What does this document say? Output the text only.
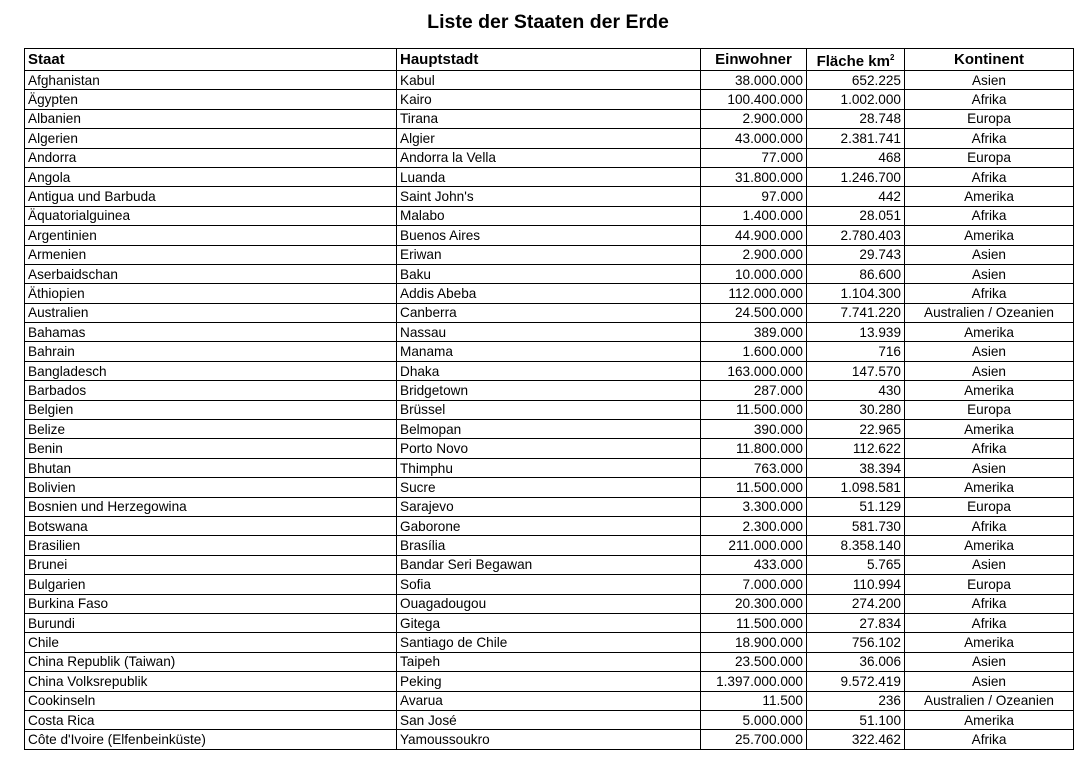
Liste der Staaten der Erde
Staat	Hauptstadt	Einwohner	Fläche $km^2$	Kontinent
Afghanistan	Kabul	38.000.000	652.225	Asien
Ägypten	Kairo	100.400.000	1.002.000	Afrika
Albanien	Tirana	2.900.000	28.748	Europa
Algerien	Algier	43.000.000	2.381.741	Afrika
Andorra	Andorra la Vella	77.000	468	Europa
Angola	Luanda	31.800.000	1.246.700	Afrika
Antigua und Barbuda	Saint John's	97.000	442	Amerika
Äquatorialguinea	Malabo	1.400.000	28.051	Afrika
Argentinien	Buenos Aires	44.900.000	2.780.403	Amerika
Armenien	Eriwan	2.900.000	29.743	Asien
Aserbaidschan	Baku	10.000.000	86.600	Asien
Äthiopien	Addis Abeba	112.000.000	1.104.300	Afrika
Australien	Canberra	24.500.000	7.741.220	Australien / Ozeanien
Bahamas	Nassau	389.000	13.939	Amerika
Bahrain	Manama	1.600.000	716	Asien
Bangladesch	Dhaka	163.000.000	147.570	Asien
Barbados	Bridgetown	287.000	430	Amerika
Belgien	Brüssel	11.500.000	30.280	Europa
Belize	Belmopan	390.000	22.965	Amerika
Benin	Porto Novo	11.800.000	112.622	Afrika
Bhutan	Thimphu	763.000	38.394	Asien
Bolivien	Sucre	11.500.000	1.098.581	Amerika
Bosnien und Herzegowina	Sarajevo	3.300.000	51.129	Europa
Botswana	Gaborone	2.300.000	581.730	Afrika
Brasilien	Brasília	211.000.000	8.358.140	Amerika
Brunei	Bandar Seri Begawan	433.000	5.765	Asien
Bulgarien	Sofia	7.000.000	110.994	Europa
Burkina Faso	Ouagadougou	20.300.000	274.200	Afrika
Burundi	Gitega	11.500.000	27.834	Afrika
Chile	Santiago de Chile	18.900.000	756.102	Amerika
China Republik (Taiwan)	Taipeh	23.500.000	36.006	Asien
China Volksrepublik	Peking	1.397.000.000	9.572.419	Asien
Cookinseln	Avarua	11.500	236	Australien / Ozeanien
Costa Rica	San José	5.000.000	51.100	Amerika
Côte d'Ivoire (Elfenbeinküste)	Yamoussoukro	25.700.000	322.462	Afrika
